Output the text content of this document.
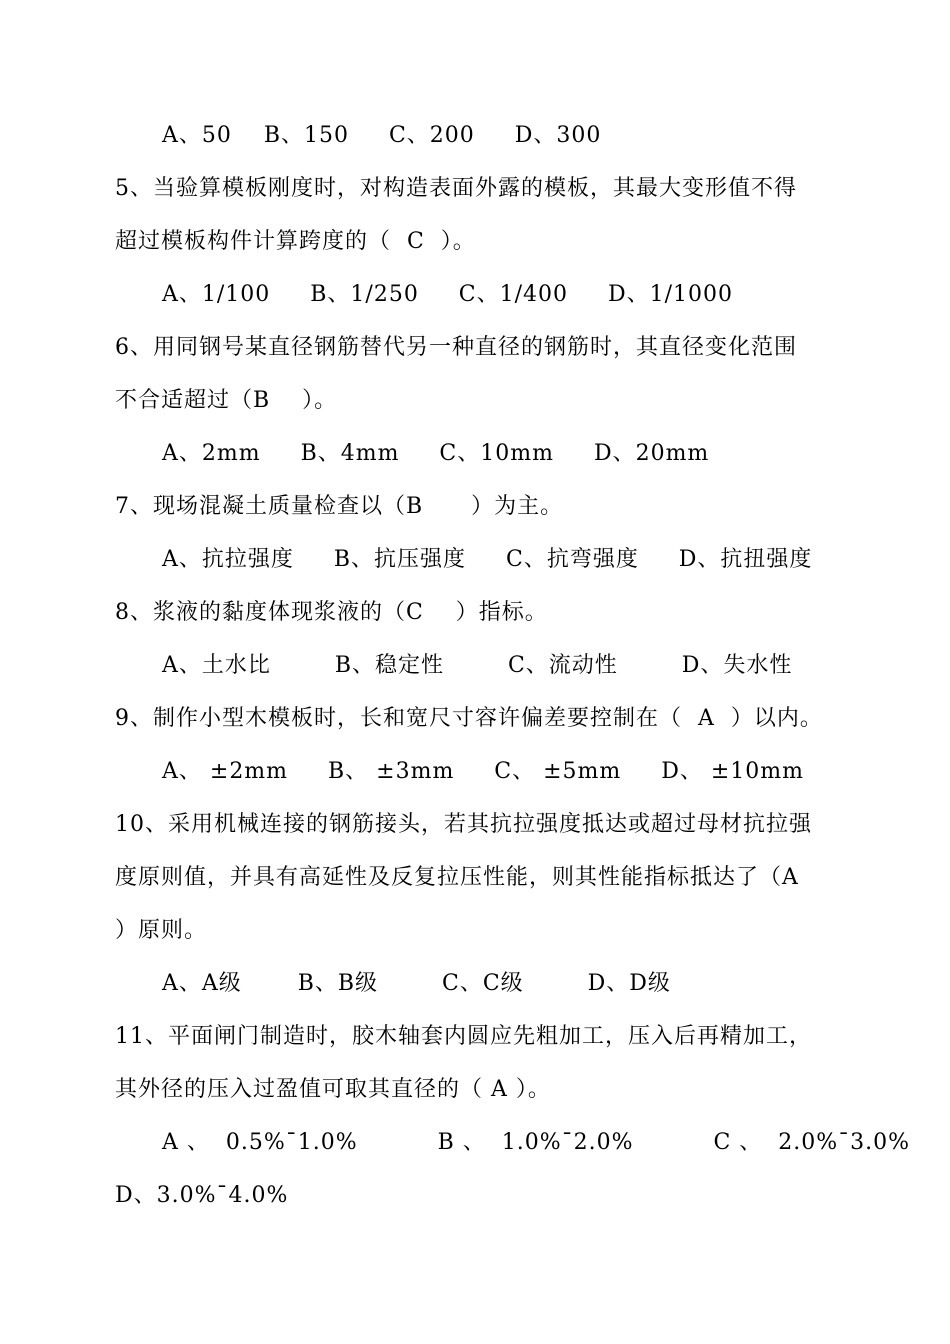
A、50    B、150     C、200     D、300
5、当验算模板刚度时，对构造表面外露的模板，其最大变形值不得
超过模板构件计算跨度的（  C  ）。
A、1/100     B、1/250     C、1/400     D、1/1000
6、用同钢号某直径钢筋替代另一种直径的钢筋时，其直径变化范围
不合适超过（B    ）。
A、2mm     B、4mm     C、10mm     D、20mm
7、现场混凝土质量检查以（B      ）为主。
A、抗拉强度     B、抗压强度     C、抗弯强度     D、抗扭强度
8、浆液的黏度体现浆液的（C    ）指标。
A、土水比        B、稳定性        C、流动性        D、失水性
9、制作小型木模板时，长和宽尺寸容许偏差要控制在（  A  ）以内。
A、 ±2mm     B、 ±3mm     C、 ±5mm     D、 ±10mm
10、采用机械连接的钢筋接头，若其抗拉强度抵达或超过母材抗拉强
度原则值，并具有高延性及反复拉压性能，则其性能指标抵达了（A
）原则。
A、A级       B、B级        C、C级        D、D级
11、平面闸门制造时，胶木轴套内圆应先粗加工，压入后再精加工，
其外径的压入过盈值可取其直径的（ A ）。
A 、  0.5%¯1.0%          B 、  1.0%¯2.0%          C 、  2.0%¯3.0%
D、3.0%¯4.0%
